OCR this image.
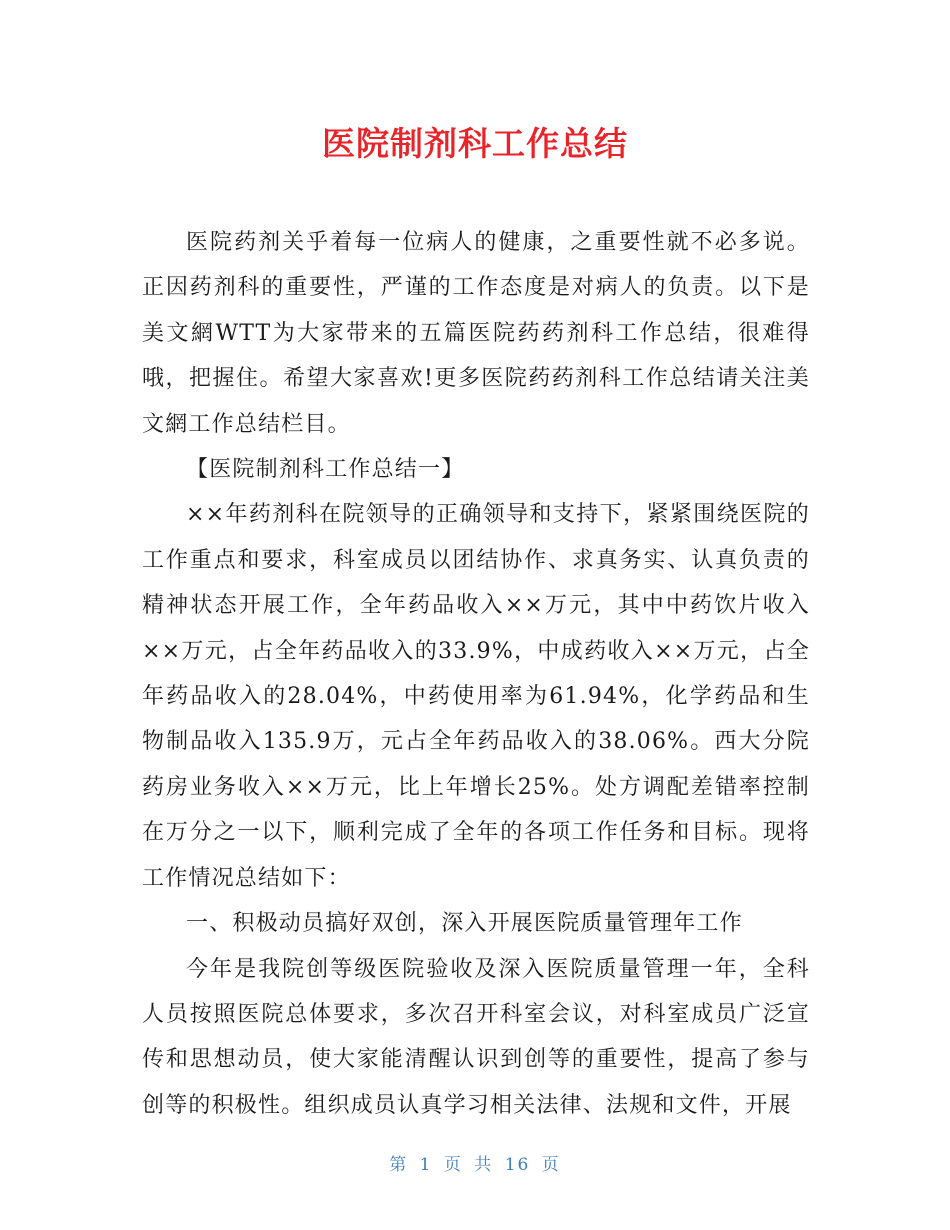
医院制剂科工作总结

医院药剂关乎着每一位病人的健康，之重要性就不必多说。正因药剂科的重要性，严谨的工作态度是对病人的负责。以下是美文網WTT为大家带来的五篇医院药药剂科工作总结，很难得哦，把握住。希望大家喜欢!更多医院药药剂科工作总结请关注美文網工作总结栏目。

【医院制剂科工作总结一】

××年药剂科在院领导的正确领导和支持下，紧紧围绕医院的工作重点和要求，科室成员以团结协作、求真务实、认真负责的精神状态开展工作，全年药品收入××万元，其中中药饮片收入××万元，占全年药品收入的33.9%，中成药收入××万元，占全年药品收入的28.04%，中药使用率为61.94%，化学药品和生物制品收入135.9万，元占全年药品收入的38.06%。西大分院药房业务收入××万元，比上年增长25%。处方调配差错率控制在万分之一以下，顺利完成了全年的各项工作任务和目标。现将工作情况总结如下：

一、积极动员搞好双创，深入开展医院质量管理年工作

今年是我院创等级医院验收及深入医院质量管理一年，全科人员按照医院总体要求，多次召开科室会议，对科室成员广泛宣传和思想动员，使大家能清醒认识到创等的重要性，提高了参与创等的积极性。组织成员认真学习相关法律、法规和文件，开展

第 1 页 共 16 页
